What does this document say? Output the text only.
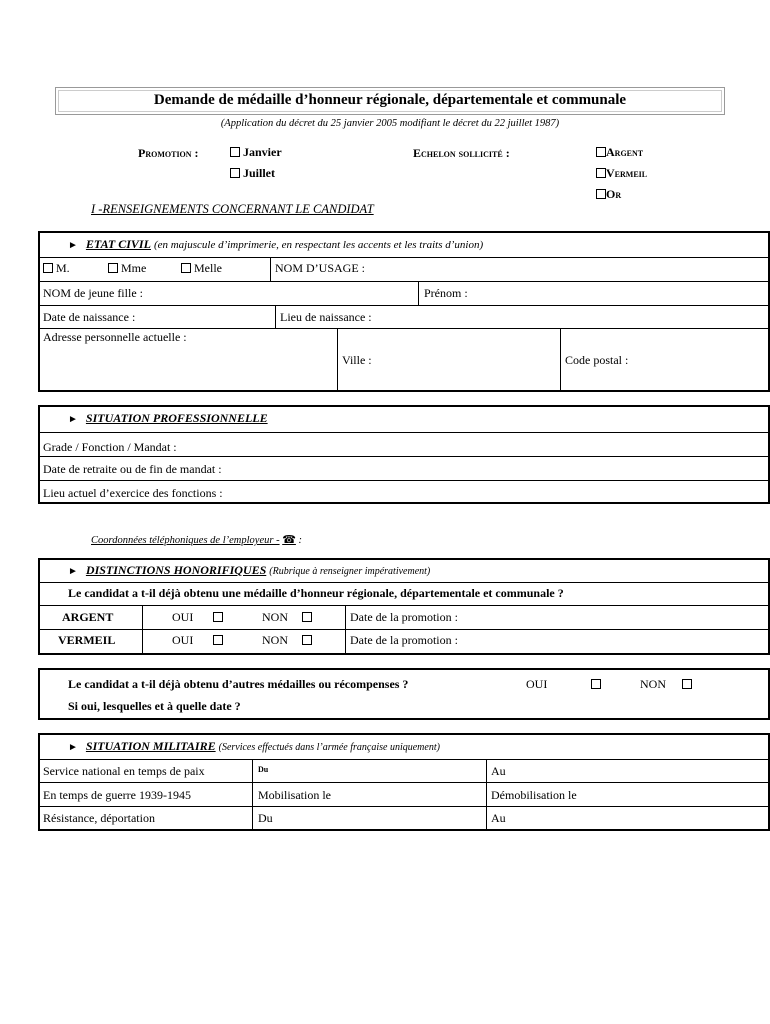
Demande de médaille d’honneur régionale, départementale et communale
(Application du décret du 25 janvier 2005 modifiant le décret du 22 juillet 1987)
Promotion :	Janvier
Juillet
Echelon sollicité :	Argent
Vermeil
Or
I -RENSEIGNEMENTS CONCERNANT LE CANDIDAT
► ETAT CIVIL (en majuscule d’imprimerie, en respectant les accents et les traits d’union)
M.	Mme	Melle	NOM D’USAGE :
NOM de jeune fille :	Prénom :
Date de naissance :	Lieu de naissance :
Adresse personnelle actuelle :
Ville :	Code postal :
► SITUATION PROFESSIONNELLE
Grade / Fonction / Mandat :
Date de retraite ou de fin de mandat :
Lieu actuel d’exercice des fonctions :
Coordonnées téléphoniques de l’employeur - ☎ :
► DISTINCTIONS HONORIFIQUES (Rubrique à renseigner impérativement)
Le candidat a t-il déjà obtenu une médaille d’honneur régionale, départementale et communale ?
ARGENT	OUI	NON	Date de la promotion :
VERMEIL	OUI	NON	Date de la promotion :
Le candidat a t-il déjà obtenu d’autres médailles ou récompenses ?	OUI	NON
Si oui, lesquelles et à quelle date ?
► SITUATION MILITAIRE (Services effectués dans l’armée française uniquement)
Service national en temps de paix	Du	Au
En temps de guerre 1939-1945	Mobilisation le	Démobilisation le
Résistance, déportation	Du	Au
